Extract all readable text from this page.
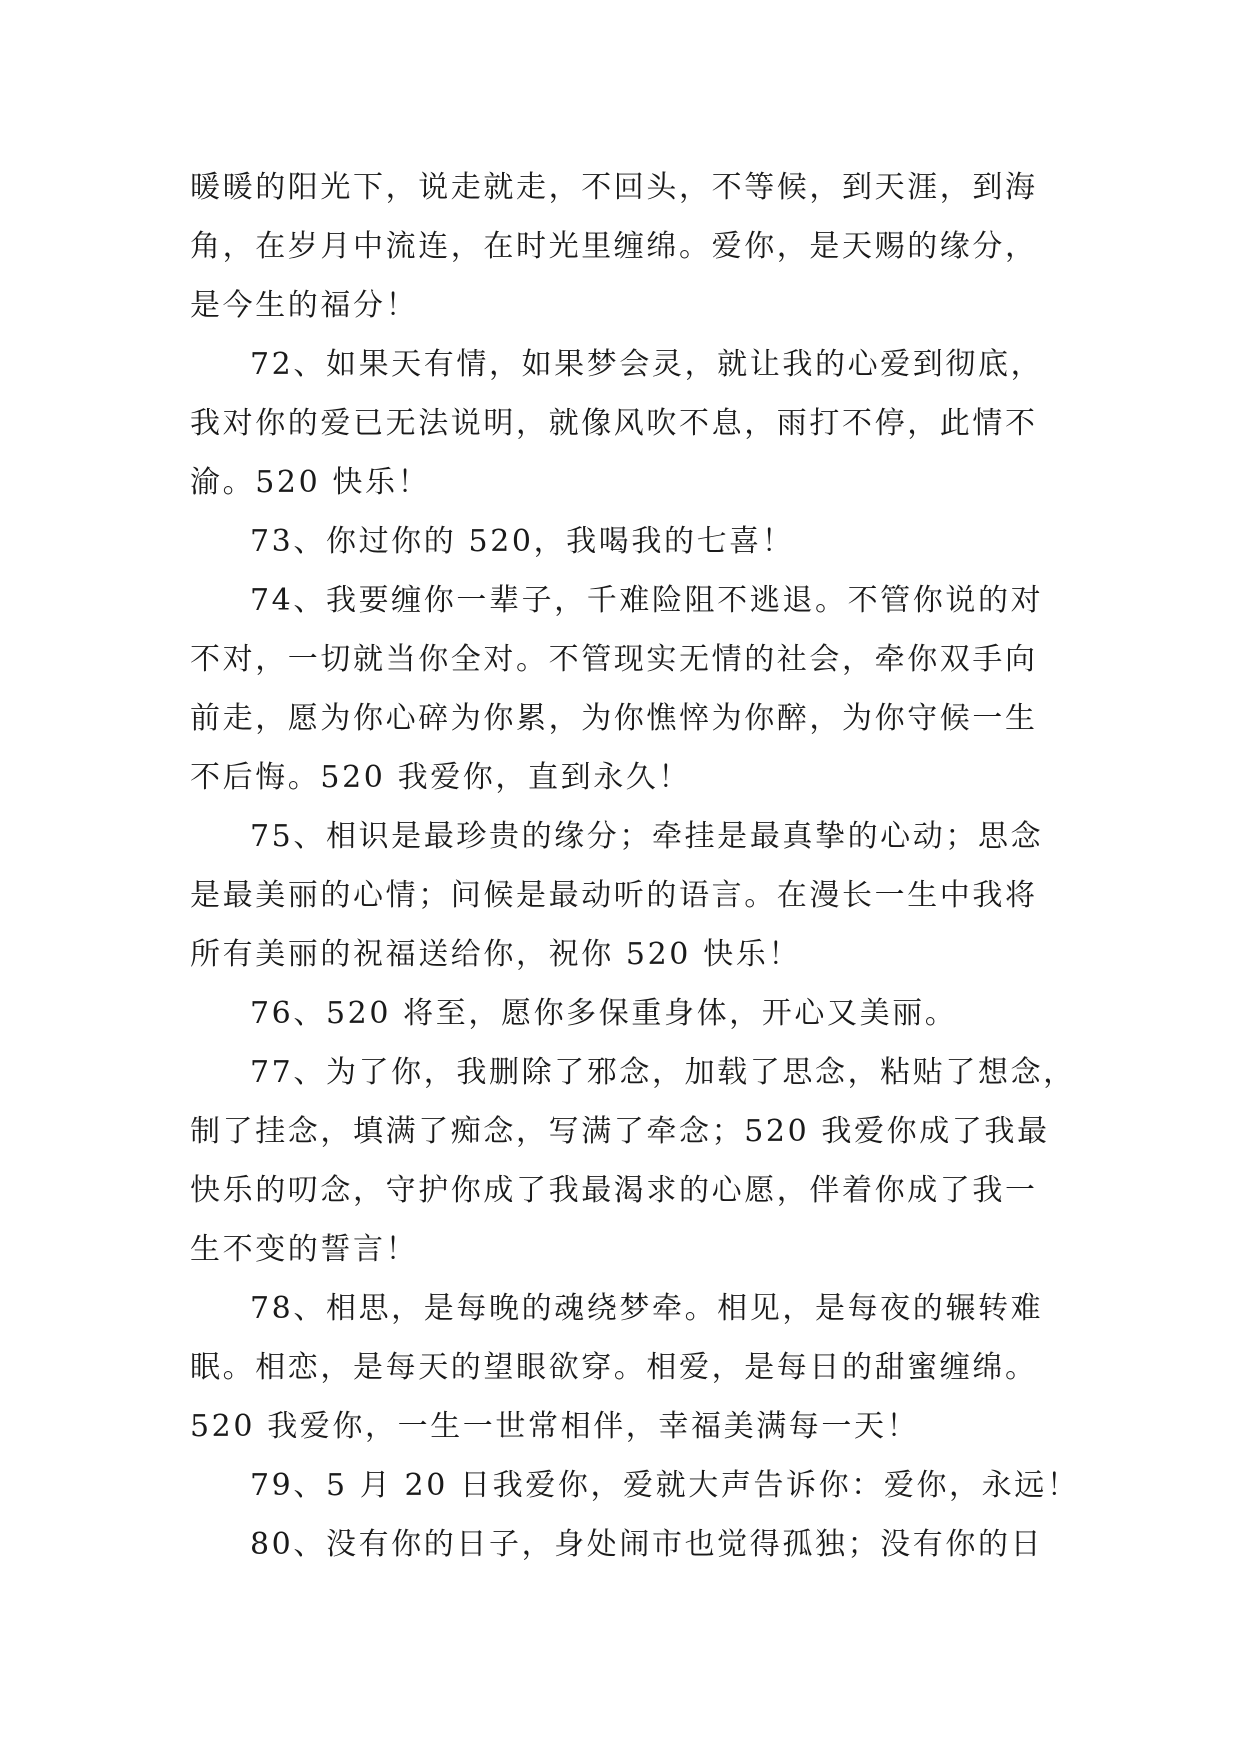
暖暖的阳光下，说走就走，不回头，不等候，到天涯，到海
角，在岁月中流连，在时光里缠绵。爱你，是天赐的缘分，
是今生的福分！
72、如果天有情，如果梦会灵，就让我的心爱到彻底，
我对你的爱已无法说明，就像风吹不息，雨打不停，此情不
渝。520 快乐！
73、你过你的 520，我喝我的七喜！
74、我要缠你一辈子，千难险阻不逃退。不管你说的对
不对，一切就当你全对。不管现实无情的社会，牵你双手向
前走，愿为你心碎为你累，为你憔悴为你醉，为你守候一生
不后悔。520 我爱你，直到永久！
75、相识是最珍贵的缘分；牵挂是最真挚的心动；思念
是最美丽的心情；问候是最动听的语言。在漫长一生中我将
所有美丽的祝福送给你，祝你 520 快乐！
76、520 将至，愿你多保重身体，开心又美丽。
77、为了你，我删除了邪念，加载了思念，粘贴了想念，
制了挂念，填满了痴念，写满了牵念；520 我爱你成了我最
快乐的叨念，守护你成了我最渴求的心愿，伴着你成了我一
生不变的誓言！
78、相思，是每晚的魂绕梦牵。相见，是每夜的辗转难
眠。相恋，是每天的望眼欲穿。相爱，是每日的甜蜜缠绵。
520 我爱你，一生一世常相伴，幸福美满每一天！
79、5 月 20 日我爱你，爱就大声告诉你：爱你，永远！
80、没有你的日子，身处闹市也觉得孤独；没有你的日
